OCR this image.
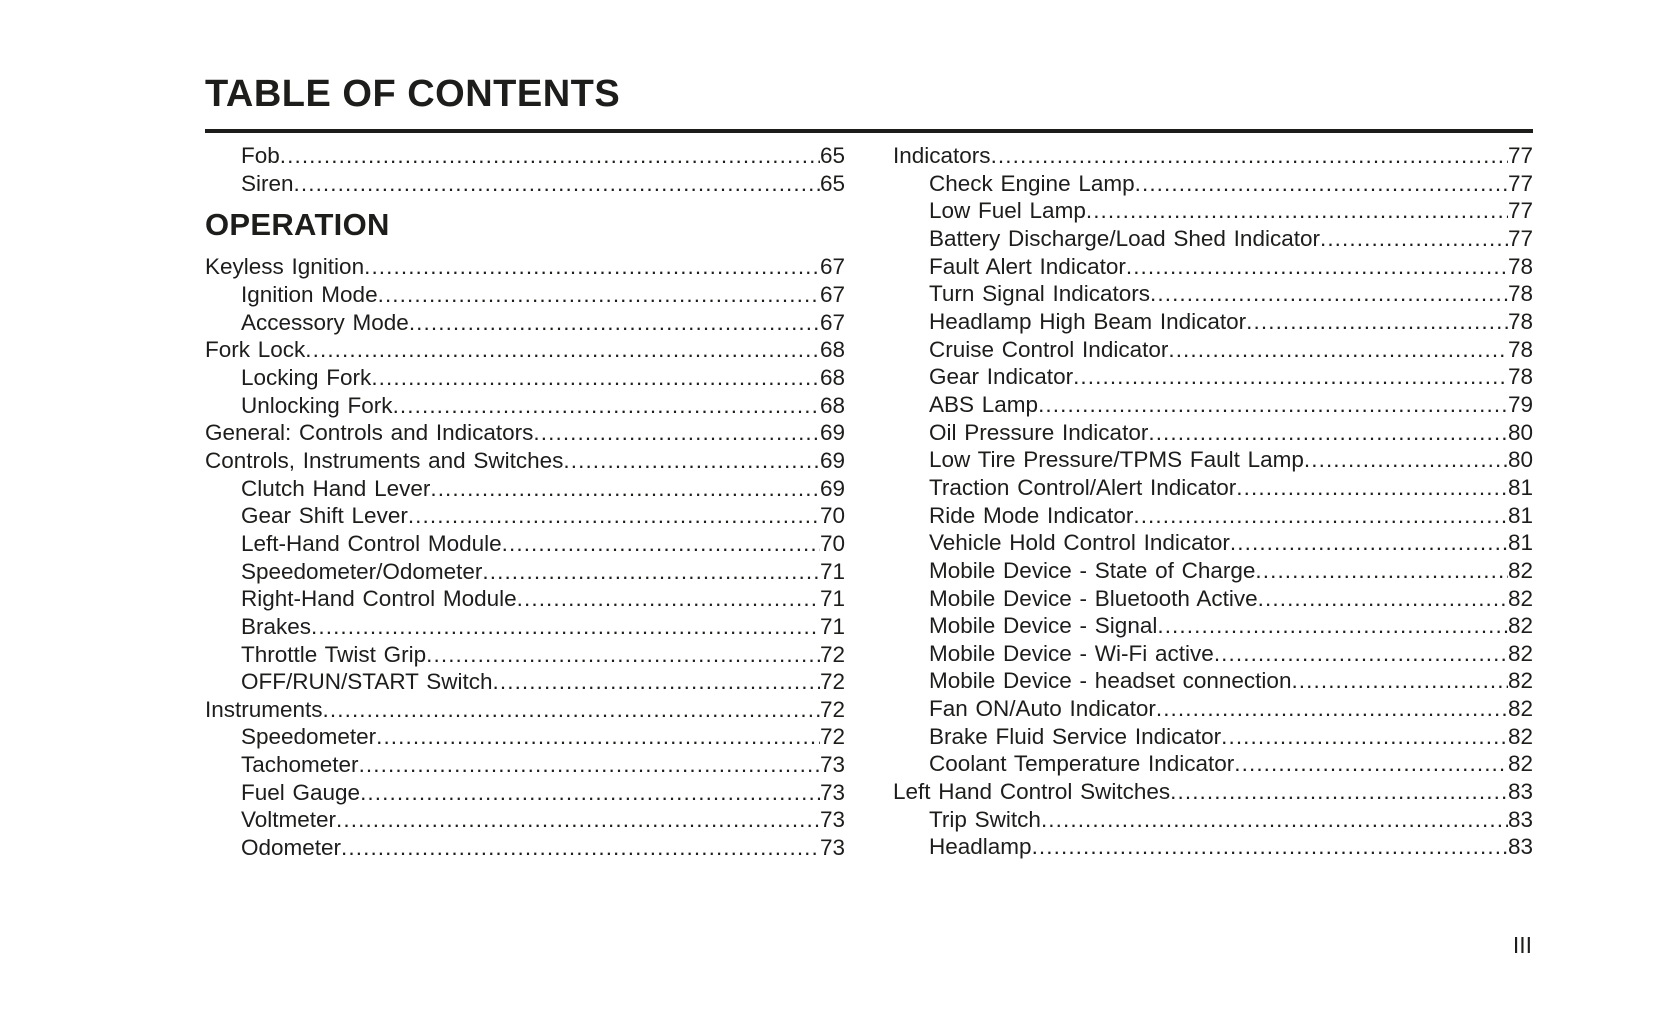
TABLE OF CONTENTS
Fob .....	65
Siren .....	65
OPERATION
Keyless Ignition .....	67
Ignition Mode .....	67
Accessory Mode .....	67
Fork Lock .....	68
Locking Fork .....	68
Unlocking Fork .....	68
General: Controls and Indicators .....	69
Controls, Instruments and Switches .....	69
Clutch Hand Lever .....	69
Gear Shift Lever .....	70
Left-Hand Control Module .....	70
Speedometer/Odometer .....	71
Right-Hand Control Module .....	71
Brakes .....	71
Throttle Twist Grip .....	72
OFF/RUN/START Switch .....	72
Instruments .....	72
Speedometer .....	72
Tachometer .....	73
Fuel Gauge .....	73
Voltmeter .....	73
Odometer .....	73
Indicators .....	77
Check Engine Lamp .....	77
Low Fuel Lamp .....	77
Battery Discharge/Load Shed Indicator .....	77
Fault Alert Indicator .....	78
Turn Signal Indicators .....	78
Headlamp High Beam Indicator .....	78
Cruise Control Indicator .....	78
Gear Indicator .....	78
ABS Lamp .....	79
Oil Pressure Indicator .....	80
Low Tire Pressure/TPMS Fault Lamp .....	80
Traction Control/Alert Indicator .....	81
Ride Mode Indicator .....	81
Vehicle Hold Control Indicator .....	81
Mobile Device - State of Charge .....	82
Mobile Device - Bluetooth Active .....	82
Mobile Device - Signal .....	82
Mobile Device - Wi-Fi active .....	82
Mobile Device - headset connection .....	82
Fan ON/Auto Indicator .....	82
Brake Fluid Service Indicator .....	82
Coolant Temperature Indicator .....	82
Left Hand Control Switches .....	83
Trip Switch .....	83
Headlamp .....	83
III
